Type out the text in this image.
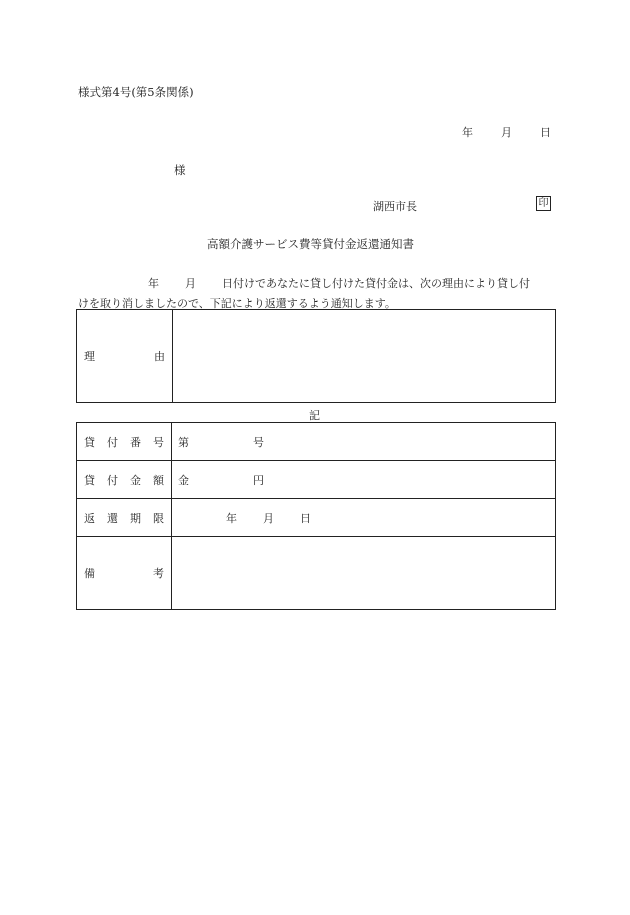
様式第4号(第5条関係)
年	月	日
様
湖西市長	印
高額介護サービス費等貸付金返還通知書
年 月 日付けであなたに貸し付けた貸付金は、次の理由により貸し付
けを取り消しましたので、下記により返還するよう通知します。
理	由

記
貸 付 番 号	第 号

貸 付 金 額	金 円

返 還 期 限	年 月 日

備 考	
